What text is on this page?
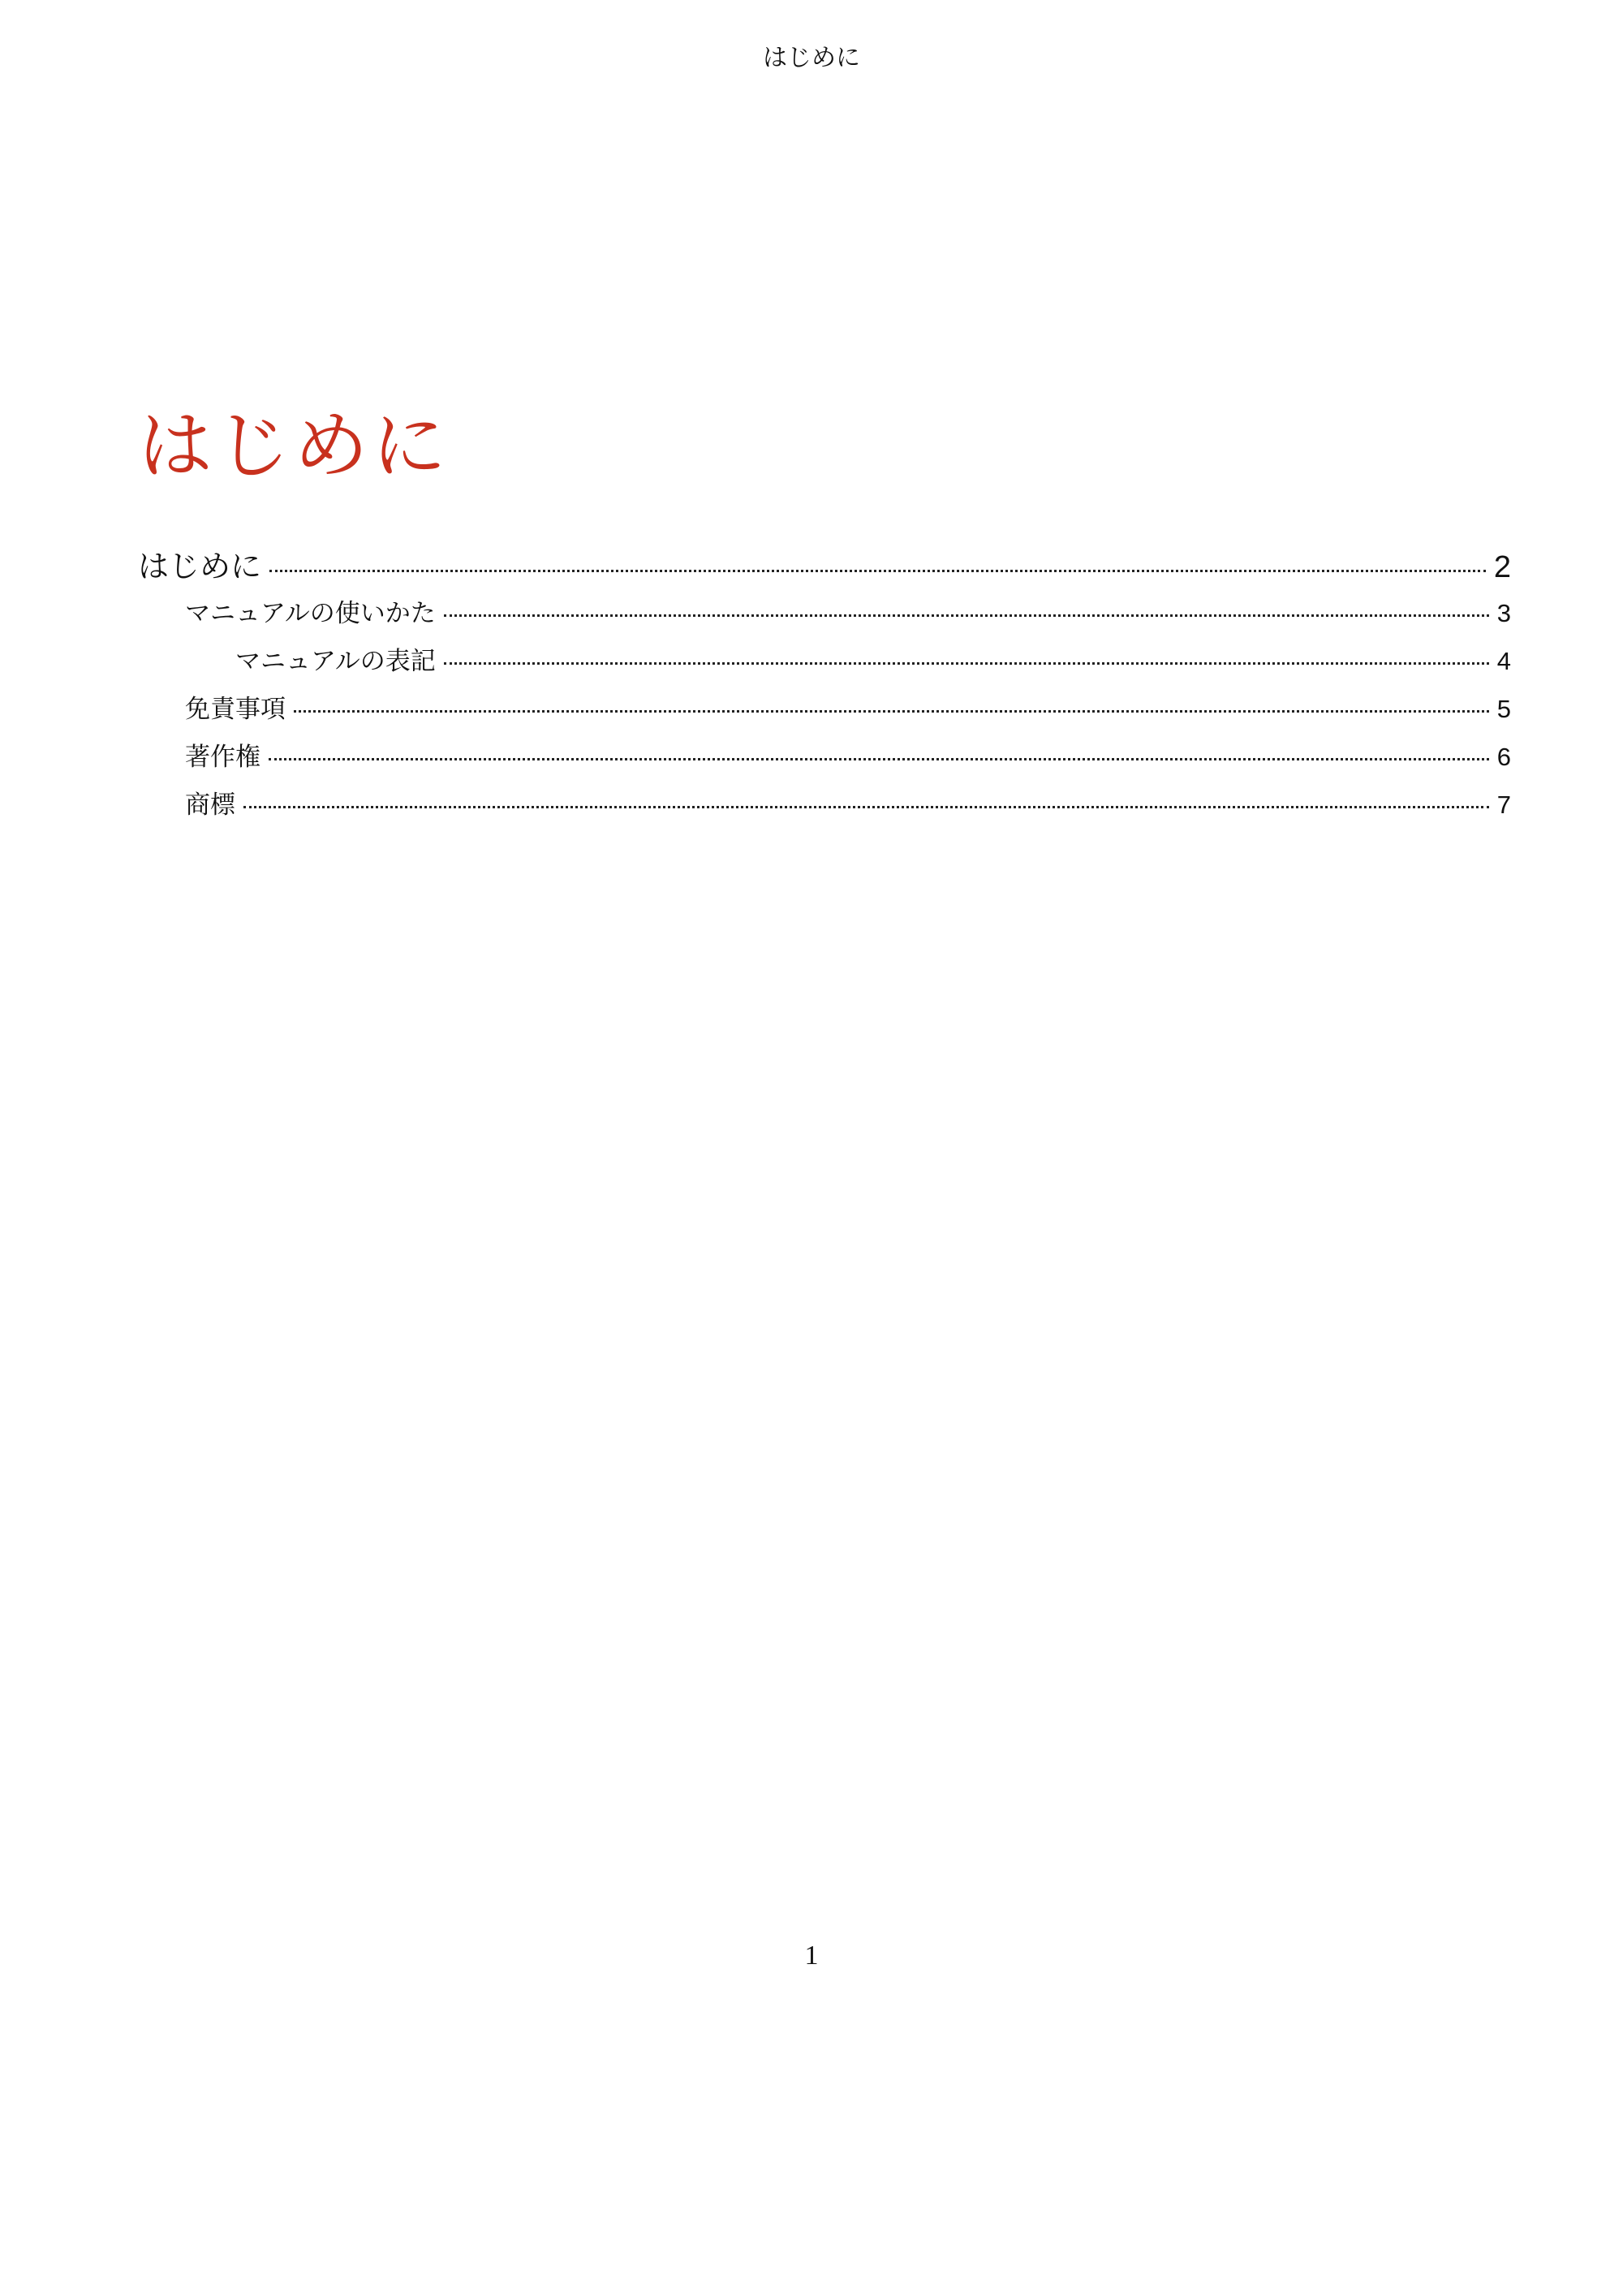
はじめに
はじめに
はじめに	2
マニュアルの使いかた	3
マニュアルの表記	4
免責事項	5
著作権	6
商標	7
1
